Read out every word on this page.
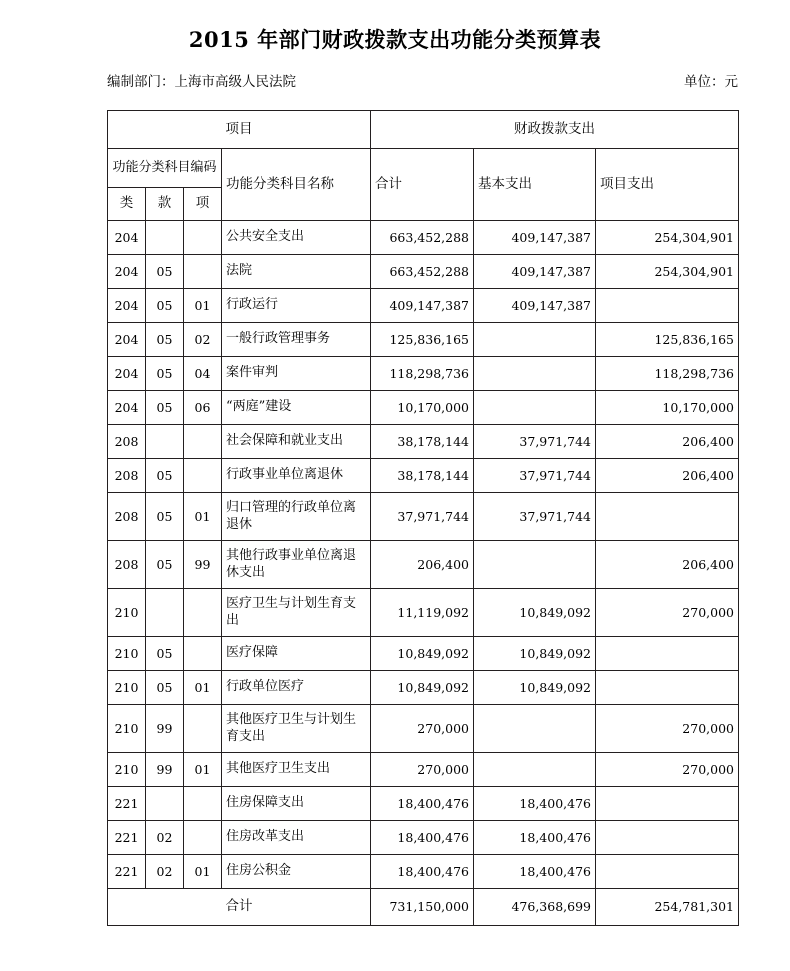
2015 年部门财政拨款支出功能分类预算表
编制部门：上海市高级人民法院	单位：元
项目				财政拨款支出		
功能分类科目编码			功能分类科目名称	合计	基本支出	项目支出
类	款	项				
204			公共安全支出	663,452,288	409,147,387	254,304,901
204	05		法院	663,452,288	409,147,387	254,304,901
204	05	01	行政运行	409,147,387	409,147,387	
204	05	02	一般行政管理事务	125,836,165		125,836,165
204	05	04	案件审判	118,298,736		118,298,736
204	05	06	“两庭”建设	10,170,000		10,170,000
208			社会保障和就业支出	38,178,144	37,971,744	206,400
208	05		行政事业单位离退休	38,178,144	37,971,744	206,400
208	05	01	归口管理的行政单位离退休	37,971,744	37,971,744	
208	05	99	其他行政事业单位离退休支出	206,400		206,400
210			医疗卫生与计划生育支出	11,119,092	10,849,092	270,000
210	05		医疗保障	10,849,092	10,849,092	
210	05	01	行政单位医疗	10,849,092	10,849,092	
210	99		其他医疗卫生与计划生育支出	270,000		270,000
210	99	01	其他医疗卫生支出	270,000		270,000
221			住房保障支出	18,400,476	18,400,476	
221	02		住房改革支出	18,400,476	18,400,476	
221	02	01	住房公积金	18,400,476	18,400,476	
合计				731,150,000	476,368,699	254,781,301
